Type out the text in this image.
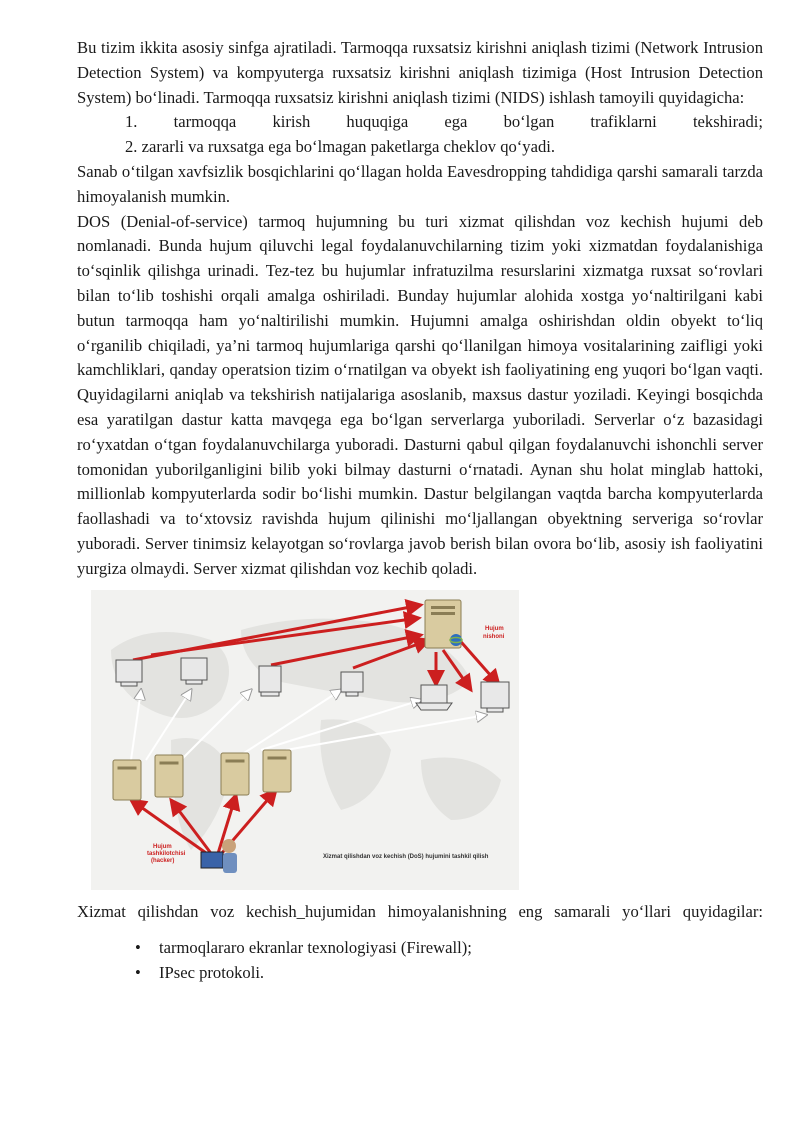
Bu tizim ikkita asosiy sinfga ajratiladi. Tarmoqqa ruxsatsiz kirishni aniqlash tizimi (Network Intrusion Detection System) va kompyuterga ruxsatsiz kirishni aniqlash tizimiga (Host Intrusion Detection System) bo‘linadi. Tarmoqqa ruxsatsiz kirishni aniqlash tizimi (NIDS) ishlash tamoyili quyidagicha:

1. tarmoqqa kirish huquqiga ega bo‘lgan trafiklarni tekshiradi;

2. zararli va ruxsatga ega bo‘lmagan paketlarga cheklov qo‘yadi.

Sanab o‘tilgan xavfsizlik bosqichlarini qo‘llagan holda Eavesdropping tahdidiga qarshi samarali tarzda himoyalanish mumkin.

DOS (Denial-of-service) tarmoq hujumning bu turi xizmat qilishdan voz kechish hujumi deb nomlanadi. Bunda hujum qiluvchi legal foydalanuvchilarning tizim yoki xizmatdan foydalanishiga to‘sqinlik qilishga urinadi. Tez-tez bu hujumlar infratuzilma resurslarini xizmatga ruxsat so‘rovlari bilan to‘lib toshishi orqali amalga oshiriladi. Bunday hujumlar alohida xostga yo‘naltirilgani kabi butun tarmoqqa ham yo‘naltirilishi mumkin. Hujumni amalga oshirishdan oldin obyekt to‘liq o‘rganilib chiqiladi, ya’ni tarmoq hujumlariga qarshi qo‘llanilgan himoya vositalarining zaifligi yoki kamchliklari, qanday operatsion tizim o‘rnatilgan va obyekt ish faoliyatining eng yuqori bo‘lgan vaqti. Quyidagilarni aniqlab va tekshirish natijalariga asoslanib, maxsus dastur yoziladi. Keyingi bosqichda esa yaratilgan dastur katta mavqega ega bo‘lgan serverlarga yuboriladi. Serverlar o‘z bazasidagi ro‘yxatdan o‘tgan foydalanuvchilarga yuboradi. Dasturni qabul qilgan foydalanuvchi ishonchli server tomonidan yuborilganligini bilib yoki bilmay dasturni o‘rnatadi. Aynan shu holat minglab hattoki, millionlab kompyuterlarda sodir bo‘lishi mumkin. Dastur belgilangan vaqtda barcha kompyuterlarda faollashadi va to‘xtovsiz ravishda hujum qilinishi mo‘ljallangan obyektning serveriga so‘rovlar yuboradi. Server tinimsiz kelayotgan so‘rovlarga javob berish bilan ovora bo‘lib, asosiy ish faoliyatini yurgiza olmaydi. Server xizmat qilishdan voz kechib qoladi.

Hujum
nishoni
Hujum
tashkilotchisi
(hacker)
Xizmat qilishdan voz kechish (DoS) hujumini tashkil qilish

Xizmat qilishdan voz kechish_hujumidan himoyalanishning eng samarali yo‘llari quyidagilar:

• tarmoqlararo ekranlar texnologiyasi (Firewall);
• IPsec protokoli.
